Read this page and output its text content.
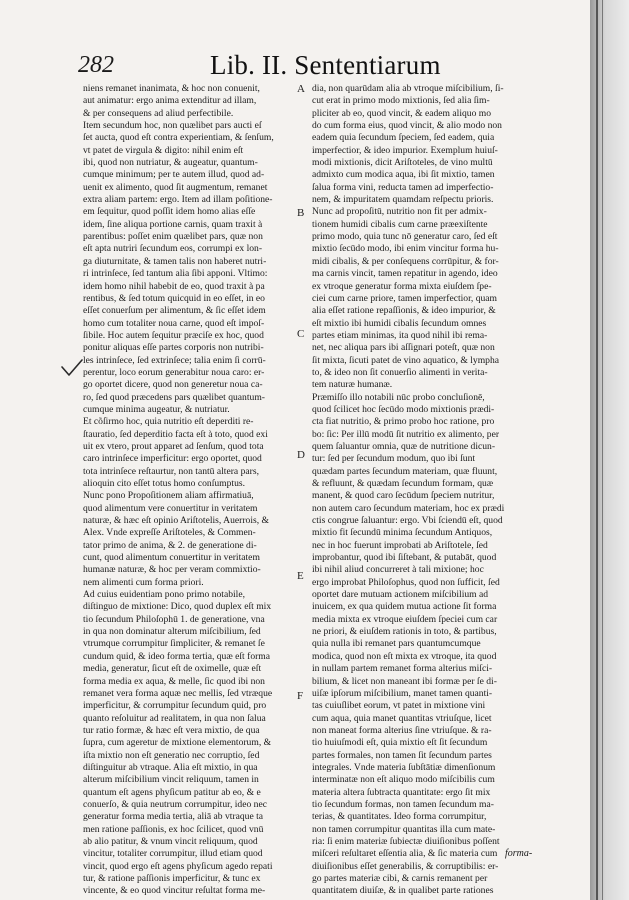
282	Lib. II. Sententiarum
niens remanet inanimata, & hoc non conuenit,
aut animatur: ergo anima extenditur ad illam,
& per consequens ad aliud perfectibile.
Item secundum hoc, non quælibet pars aucti eſ
ſet aucta, quod eſt contra experientiam, & ſenſum,
vt patet de virgula & digito: nihil enim eſt
ibi, quod non nutriatur, & augeatur, quantum-
cumque minimum; per te autem illud, quod ad-
uenit ex alimento, quod ſit augmentum, remanet
extra aliam partem: ergo. Item ad illam poſitione-
em ſequitur, quod poſſit idem homo alias eſſe
idem, ſine aliqua portione carnis, quam traxit à
parentibus: poſſet enim quælibet pars, quæ non
eſt apta nutriri ſecundum eos, corrumpi ex lon-
ga diuturnitate, & tamen talis non haberet nutri-
ri intrinſece, ſed tantum alia ſibi apponi. Vltimo:
idem homo nihil habebit de eo, quod traxit à pa
rentibus, & ſed totum quicquid in eo eſſet, in eo
eſſet conuerſum per alimentum, & ſic eſſet idem
homo cum totaliter noua carne, quod eſt impoſ-
ſibile. Hoc autem ſequitur præciſe ex hoc, quod
ponitur aliquas eſſe partes corporis non nutribi-
les intrinſece, ſed extrinſece; talia enim ſi corrū-
perentur, loco eorum generabitur noua caro: er-
go oportet dicere, quod non generetur noua ca-
ro, ſed quod præcedens pars quælibet quantum-
cumque minima augeatur, & nutriatur.
Et cõſirmo hoc, quia nutritio eſt deperditi re-
ſtauratio, ſed deperditio facta eſt à toto, quod exi
uit ex vtero, prout apparet ad ſenſum, quod tota
caro intrinſece imperficitur: ergo oportet, quod
tota intrinſece reſtaurtur, non tantū altera pars,
alioquin cito eſſet totus homo conſumptus.
Nunc pono Propoſitionem aliam affirmatiuā,
quod alimentum vere conuertitur in veritatem
naturæ, & hæc eſt opinio Ariſtotelis, Auerrois, &
Alex. Vnde expreſſe Ariſtoteles, & Commen-
tator primo de anima, & 2. de generatione di-
cunt, quod alimentum conuertitur in veritatem
humanæ naturæ, & hoc per veram commixtio-
nem alimenti cum forma priori.
Ad cuius euidentiam pono primo notabile,
diſtinguo de mixtione: Dico, quod duplex eſt mix
tio ſecundum Philoſophū 1. de generatione, vna
in qua non dominatur alterum miſcibilium, ſed
vtrumque corrumpitur ſimpliciter, & remanet ſe
cundum quid, & ideo forma tertia, quæ eſt forma
media, generatur, ſicut eſt de oximelle, quæ eſt
forma media ex aqua, & melle, ſic quod ibi non
remanet vera forma aquæ nec mellis, ſed vtræque
imperficitur, & corrumpitur ſecundum quid, pro
quanto reſoluitur ad realitatem, in qua non ſalua
tur ratio formæ, & hæc eſt vera mixtio, de qua
ſupra, cum ageretur de mixtione elementorum, &
iſta mixtio non eſt generatio nec corruptio, ſed
diſtinguitur ab vtraque. Alia eſt mixtio, in qua
alterum miſcibilium vincit reliquum, tamen in
quantum eſt agens phyſicum patitur ab eo, & e
conuerſo, & quia neutrum corrumpitur, ideo nec
generatur forma media tertia, aliā ab vtraque ta
men ratione paſſionis, ex hoc ſcilicet, quod vnū
ab alio patitur, & vnum vincit reliquum, quod
vincitur, totaliter corrumpitur, illud etiam quod
vincit, quod ergo eſt agens phyſicum agedo repati
tur, & ratione paſſionis imperficitur, & tunc ex
vincente, & eo quod vincitur reſultat forma me-
dia, non quarūdam alia ab vtroque miſcibilium, ſi-
cut erat in primo modo mixtionis, ſed alia ſim-
pliciter ab eo, quod vincit, & eadem aliquo mo
do cum forma eius, quod vincit, & alio modo non
eadem quia ſecundum ſpeciem, ſed eadem, quia
imperfectior, & ideo impurior. Exemplum huiuſ-
modi mixtionis, dicit Ariſtoteles, de vino multū
admixto cum modica aqua, ibi ſit mixtio, tamen
ſalua forma vini, reducta tamen ad imperfectio-
nem, & impuritatem quamdam reſpectu prioris.
Nunc ad propoſitū, nutritio non fit per admix-
tionem humidi cibalis cum carne præexiſtente
primo modo, quia tunc nō generatur caro, ſed eſt
mixtio ſecūdo modo, ibi enim vincitur forma hu-
midi cibalis, & per conſequens corrūpitur, & for-
ma carnis vincit, tamen repatitur in agendo, ideo
ex vtroque generatur forma mixta eiuſdem ſpe-
ciei cum carne priore, tamen imperfectior, quam
alia eſſet ratione repaſſionis, & ideo impurior, &
eſt mixtio ibi humidi cibalis ſecundum omnes
partes etiam minimas, ita quod nihil ibi rema-
net, nec aliqua pars ibi aſſignari poteſt, quæ non
ſit mixta, ſicuti patet de vino aquatico, & lympha
to, & ideo non ſit conuerſio alimenti in verita-
tem naturæ humanæ.
Præmiſſo illo notabili nūc probo concluſionē,
quod ſcilicet hoc ſecūdo modo mixtionis prædi-
cta fiat nutritio, & primo probo hoc ratione, pro
bo: ſic: Per illū modū ſit nutritio ex alimento, per
quem ſaluantur omnia, quæ de nutritione dicun-
tur: ſed per ſecundum modum, quo ibi ſunt
quædam partes ſecundum materiam, quæ fluunt,
& refluunt, & quædam ſecundum formam, quæ
manent, & quod caro ſecūdum ſpeciem nutritur,
non autem caro ſecundum materiam, hoc ex prædi
ctis congrue ſaluantur: ergo. Vbi ſciendū eſt, quod
mixtio fit ſecundū minima ſecundum Antiquos,
nec in hoc fuerunt improbati ab Ariſtotele, ſed
improbantur, quod ibi ſiſtebant, & putabāt, quod
ibi nihil aliud concurreret à tali mixione; hoc
ergo improbat Philoſophus, quod non ſufficit, ſed
oportet dare mutuam actionem miſcibilium ad
inuicem, ex qua quidem mutua actione ſit forma
media mixta ex vtroque eiuſdem ſpeciei cum car
ne priori, & eiuſdem rationis in toto, & partibus,
quia nulla ibi remanet pars quantumcumque
modica, quod non eſt mixta ex vtroque, ita quod
in nullam partem remanet forma alterius miſci-
bilium, & licet non maneant ibi formæ per ſe di-
uiſæ ipſorum miſcibilium, manet tamen quanti-
tas cuiuſlibet eorum, vt patet in mixtione vini
cum aqua, quia manet quantitas vtriuſque, licet
non maneat forma alterius ſine vtriuſque. & ra-
tio huiuſmodi eſt, quia mixtio eſt ſit ſecundum
partes formales, non tamen ſit ſecundum partes
integrales. Vnde materia ſubſtātiæ dimenſionum
interminatæ non eſt aliquo modo miſcibilis cum
materia altera ſubtracta quantitate: ergo ſit mix
tio ſecundum formas, non tamen ſecundum ma-
terias, & quantitates. Ideo forma corrumpitur,
non tamen corrumpitur quantitas illa cum mate-
ria: ſi enim materiæ ſubiectæ diuiſionibus poſſent
miſceri reſultaret eſſentia alia, & ſic materia cum
diuiſionibus eſſet generabilis, & corruptibilis: er-
go partes materiæ cibi, & carnis remanent per
quantitatem diuiſæ, & in qualibet parte rationes
A
B
C
D
E
F
forma-
